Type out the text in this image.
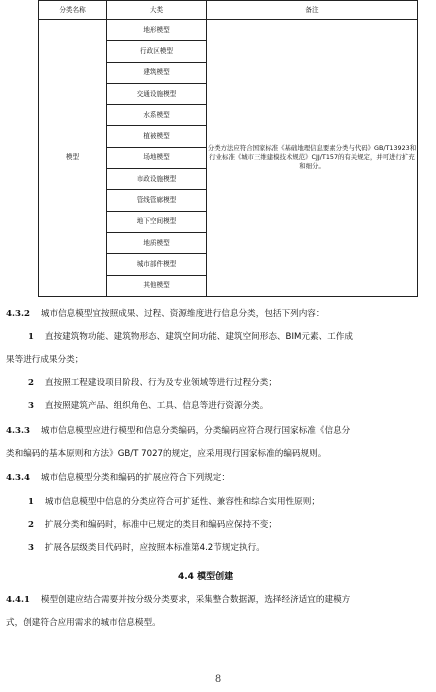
分类名称	大类	备注
模型	地形模型	分类方法应符合国家标准《基础地理信息要素分类与代码》GB/T13923和行业标准《城市三维建模技术规范》CJJ/T157的有关规定，并可进行扩充和细分。
	行政区模型	
	建筑模型	
	交通设施模型	
	水系模型	
	植被模型	
	场地模型	
	市政设施模型	
	管线管廊模型	
	地下空间模型	
	地质模型	
	城市部件模型	
	其他模型	
4.3.2 城市信息模型宜按照成果、过程、资源维度进行信息分类，包括下列内容：
1 直按建筑物功能、建筑物形态、建筑空间功能、建筑空间形态、BIM元素、工作成
果等进行成果分类；
2 直按照工程建设项目阶段、行为及专业领域等进行过程分类；
3 直按照建筑产品、组织角色、工具、信息等进行资源分类。
4.3.3 城市信息模型应进行模型和信息分类编码，分类编码应符合现行国家标准《信息分
类和编码的基本原则和方法》GB/T 7027的规定，应采用现行国家标准的编码规则。
4.3.4 城市信息模型分类和编码的扩展应符合下列规定：
1 城市信息模型中信息的分类应符合可扩延性、兼容性和综合实用性原则；
2 扩展分类和编码时，标准中已规定的类目和编码应保持不变；
3 扩展各层级类目代码时，应按照本标准第4.2节规定执行。
4.4 模型创建
4.4.1 模型创建应结合需要并按分级分类要求，采集整合数据源，选择经济适宜的建模方
式，创建符合应用需求的城市信息模型。
8
